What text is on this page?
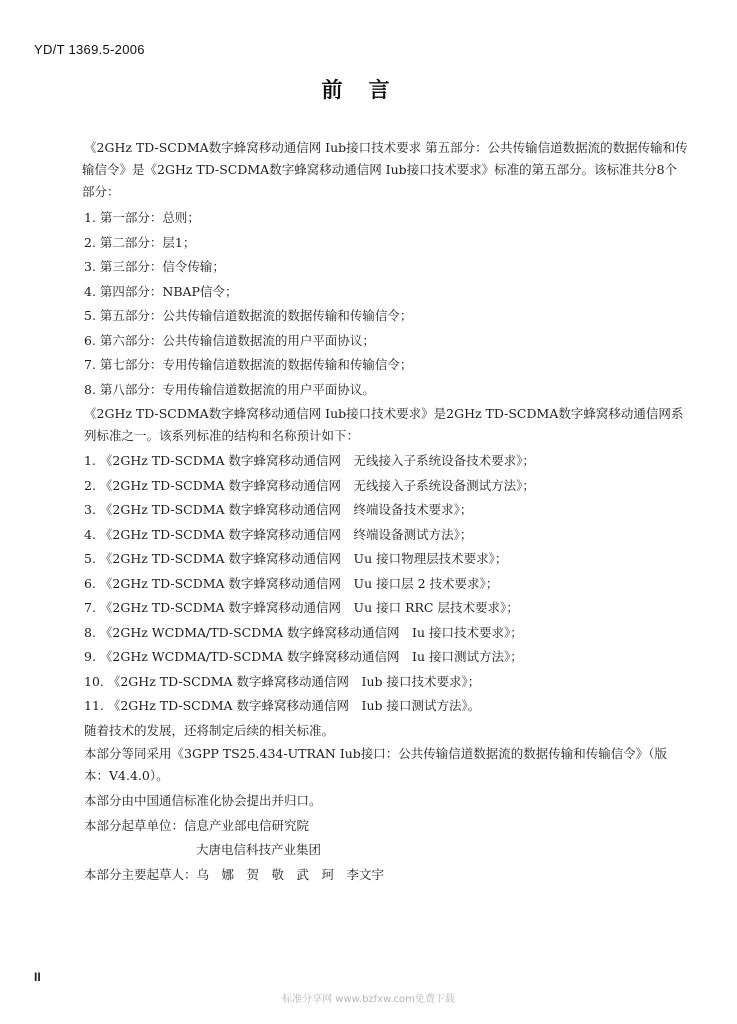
YD/T 1369.5-2006
前言

《2GHz TD-SCDMA数字蜂窝移动通信网 Iub接口技术要求 第五部分：公共传输信道数据流的数据传输和传输信令》是《2GHz TD-SCDMA数字蜂窝移动通信网 Iub接口技术要求》标准的第五部分。该标准共分8个部分：

1. 第一部分：总则；

2. 第二部分：层1；

3. 第三部分：信令传输；

4. 第四部分：NBAP信令；

5. 第五部分：公共传输信道数据流的数据传输和传输信令；

6. 第六部分：公共传输信道数据流的用户平面协议；

7. 第七部分：专用传输信道数据流的数据传输和传输信令；

8. 第八部分：专用传输信道数据流的用户平面协议。

《2GHz TD-SCDMA数字蜂窝移动通信网 Iub接口技术要求》是2GHz TD-SCDMA数字蜂窝移动通信网系列标准之一。该系列标准的结构和名称预计如下：

1. 《2GHz TD-SCDMA 数字蜂窝移动通信网　无线接入子系统设备技术要求》；

2. 《2GHz TD-SCDMA 数字蜂窝移动通信网　无线接入子系统设备测试方法》；

3. 《2GHz TD-SCDMA 数字蜂窝移动通信网　终端设备技术要求》；

4. 《2GHz TD-SCDMA 数字蜂窝移动通信网　终端设备测试方法》；

5. 《2GHz TD-SCDMA 数字蜂窝移动通信网　Uu 接口物理层技术要求》；

6. 《2GHz TD-SCDMA 数字蜂窝移动通信网　Uu 接口层 2 技术要求》；

7. 《2GHz TD-SCDMA 数字蜂窝移动通信网　Uu 接口 RRC 层技术要求》；

8. 《2GHz WCDMA/TD-SCDMA 数字蜂窝移动通信网　Iu 接口技术要求》；

9. 《2GHz WCDMA/TD-SCDMA 数字蜂窝移动通信网　Iu 接口测试方法》；

10. 《2GHz TD-SCDMA 数字蜂窝移动通信网　Iub 接口技术要求》；

11. 《2GHz TD-SCDMA 数字蜂窝移动通信网　Iub 接口测试方法》。

随着技术的发展，还将制定后续的相关标准。

本部分等同采用《3GPP TS25.434-UTRAN Iub接口：公共传输信道数据流的数据传输和传输信令》（版本：V4.4.0）。

本部分由中国通信标准化协会提出并归口。

本部分起草单位：信息产业部电信研究院

大唐电信科技产业集团

本部分主要起草人：乌　娜　贺　敬　武　珂　李文宇

II
标准分享网 www.bzfxw.com免费下载
